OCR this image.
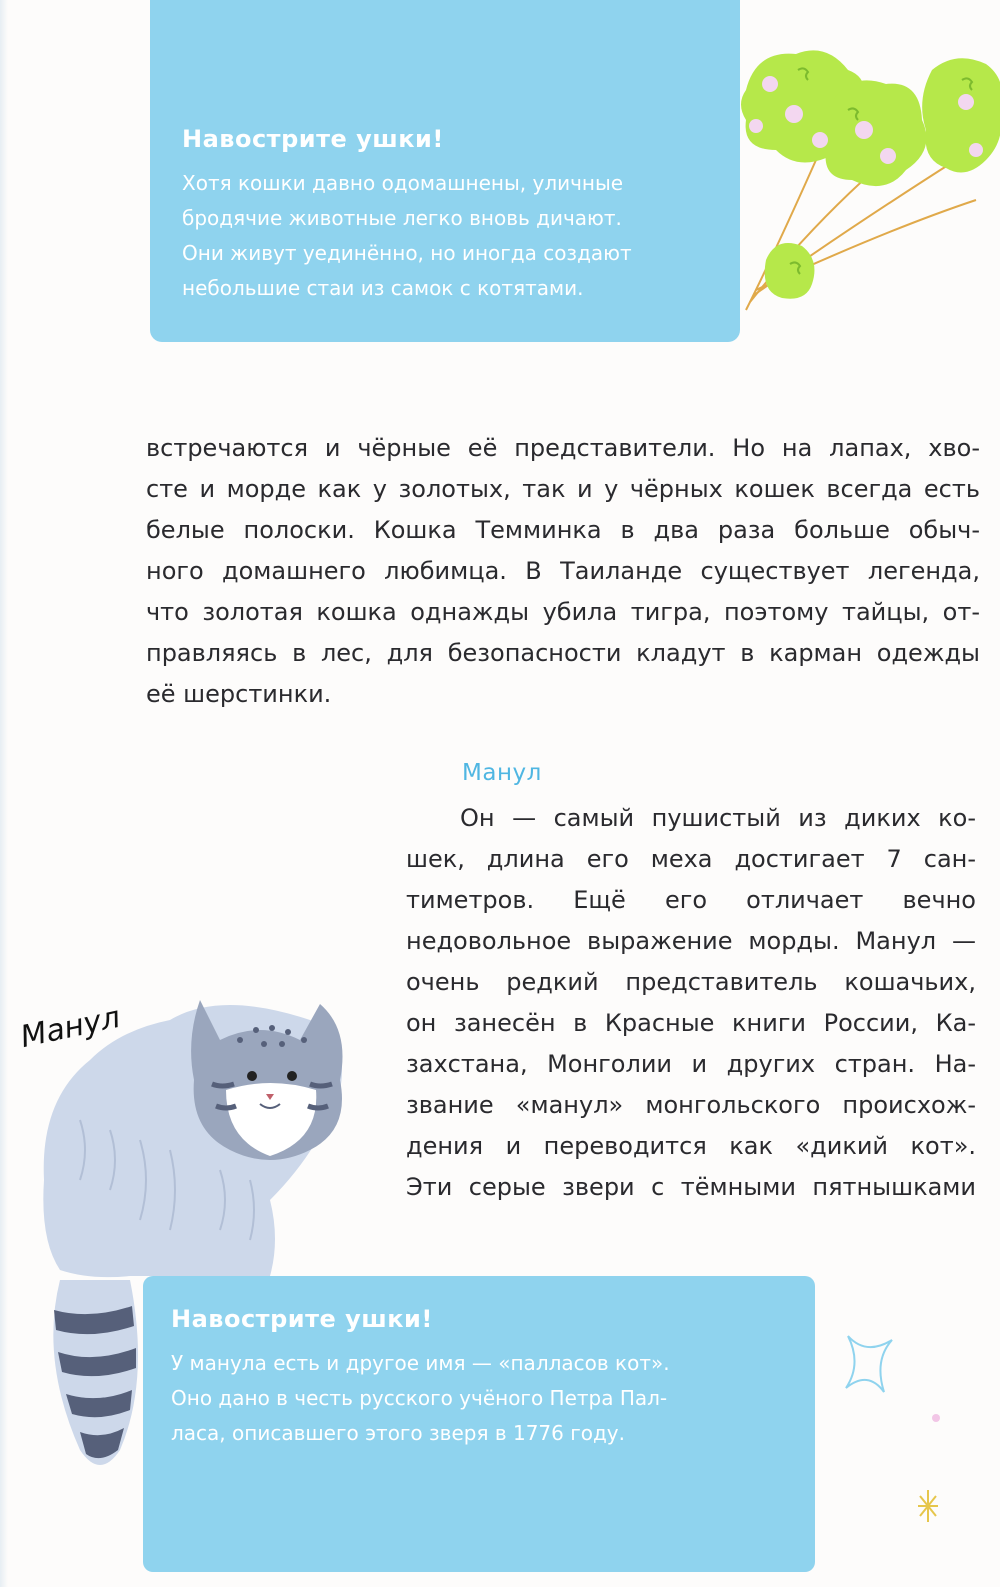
Навострите ушки!

Хотя кошки давно одомашнены, уличные
бродячие животные легко вновь дичают.
Они живут уединённо, но иногда создают
небольшие стаи из самок с котятами.

встречаются и чёрные её представители. Но на лапах, хво-
сте и морде как у золотых, так и у чёрных кошек всегда есть
белые полоски. Кошка Темминка в два раза больше обыч-
ного домашнего любимца. В Таиланде существует легенда,
что золотая кошка однажды убила тигра, поэтому тайцы, от-
правляясь в лес, для безопасности кладут в карман одежды
её шерстинки.

Манул

Он — самый пушистый из диких ко-
шек, длина его меха достигает 7 сан-
тиметров. Ещё его отличает вечно
недовольное выражение морды. Манул —
очень редкий представитель кошачьих,
он занесён в Красные книги России, Ка-
захстана, Монголии и других стран. На-
звание «манул» монгольского происхож-
дения и переводится как «дикий кот».
Эти серые звери с тёмными пятнышками

Манул

Навострите ушки!

У манула есть и другое имя — «палласов кот».
Оно дано в честь русского учёного Петра Пал-
ласа, описавшего этого зверя в 1776 году.
